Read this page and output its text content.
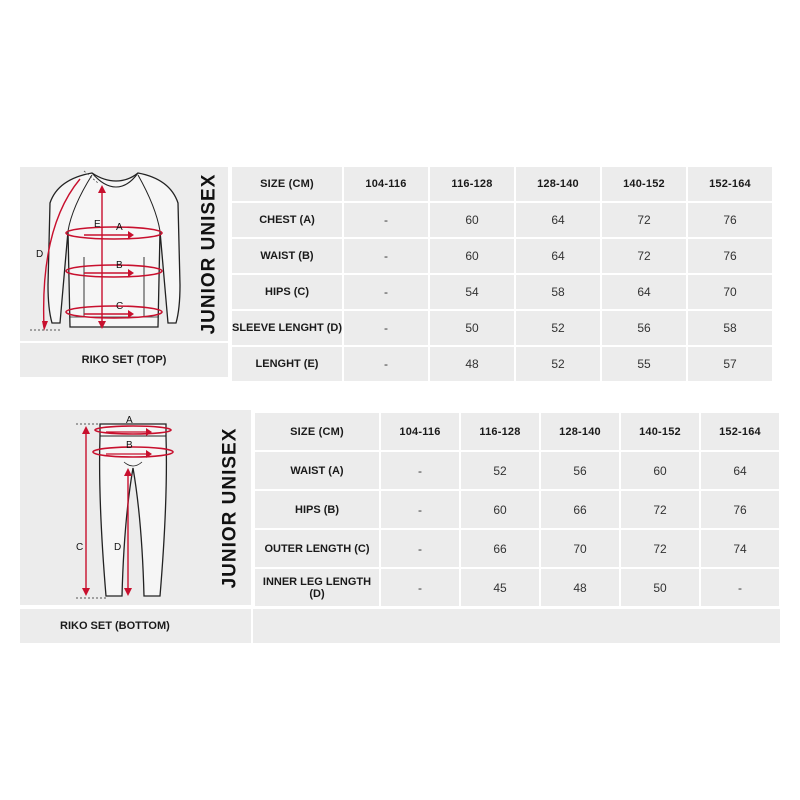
A
B
C
D
E
RIKO SET (TOP)
JUNIOR UNISEX	SIZE (CM)	104-116	116-128	128-140	140-152	152-164
CHEST (A)	-	60	64	72	76
WAIST (B)	-	60	64	72	76
HIPS (C)	-	54	58	64	70
SLEEVE LENGHT (D)	-	50	52	56	58
LENGHT (E)	-	48	52	55	57
A
B
C	D
RIKO SET (BOTTOM)
JUNIOR UNISEX	SIZE (CM)	104-116	116-128	128-140	140-152	152-164
WAIST (A)	-	52	56	60	64
HIPS (B)	-	60	66	72	76
OUTER LENGTH (C)	-	66	70	72	74
INNER LEG LENGTH (D)	-	45	48	50	-
